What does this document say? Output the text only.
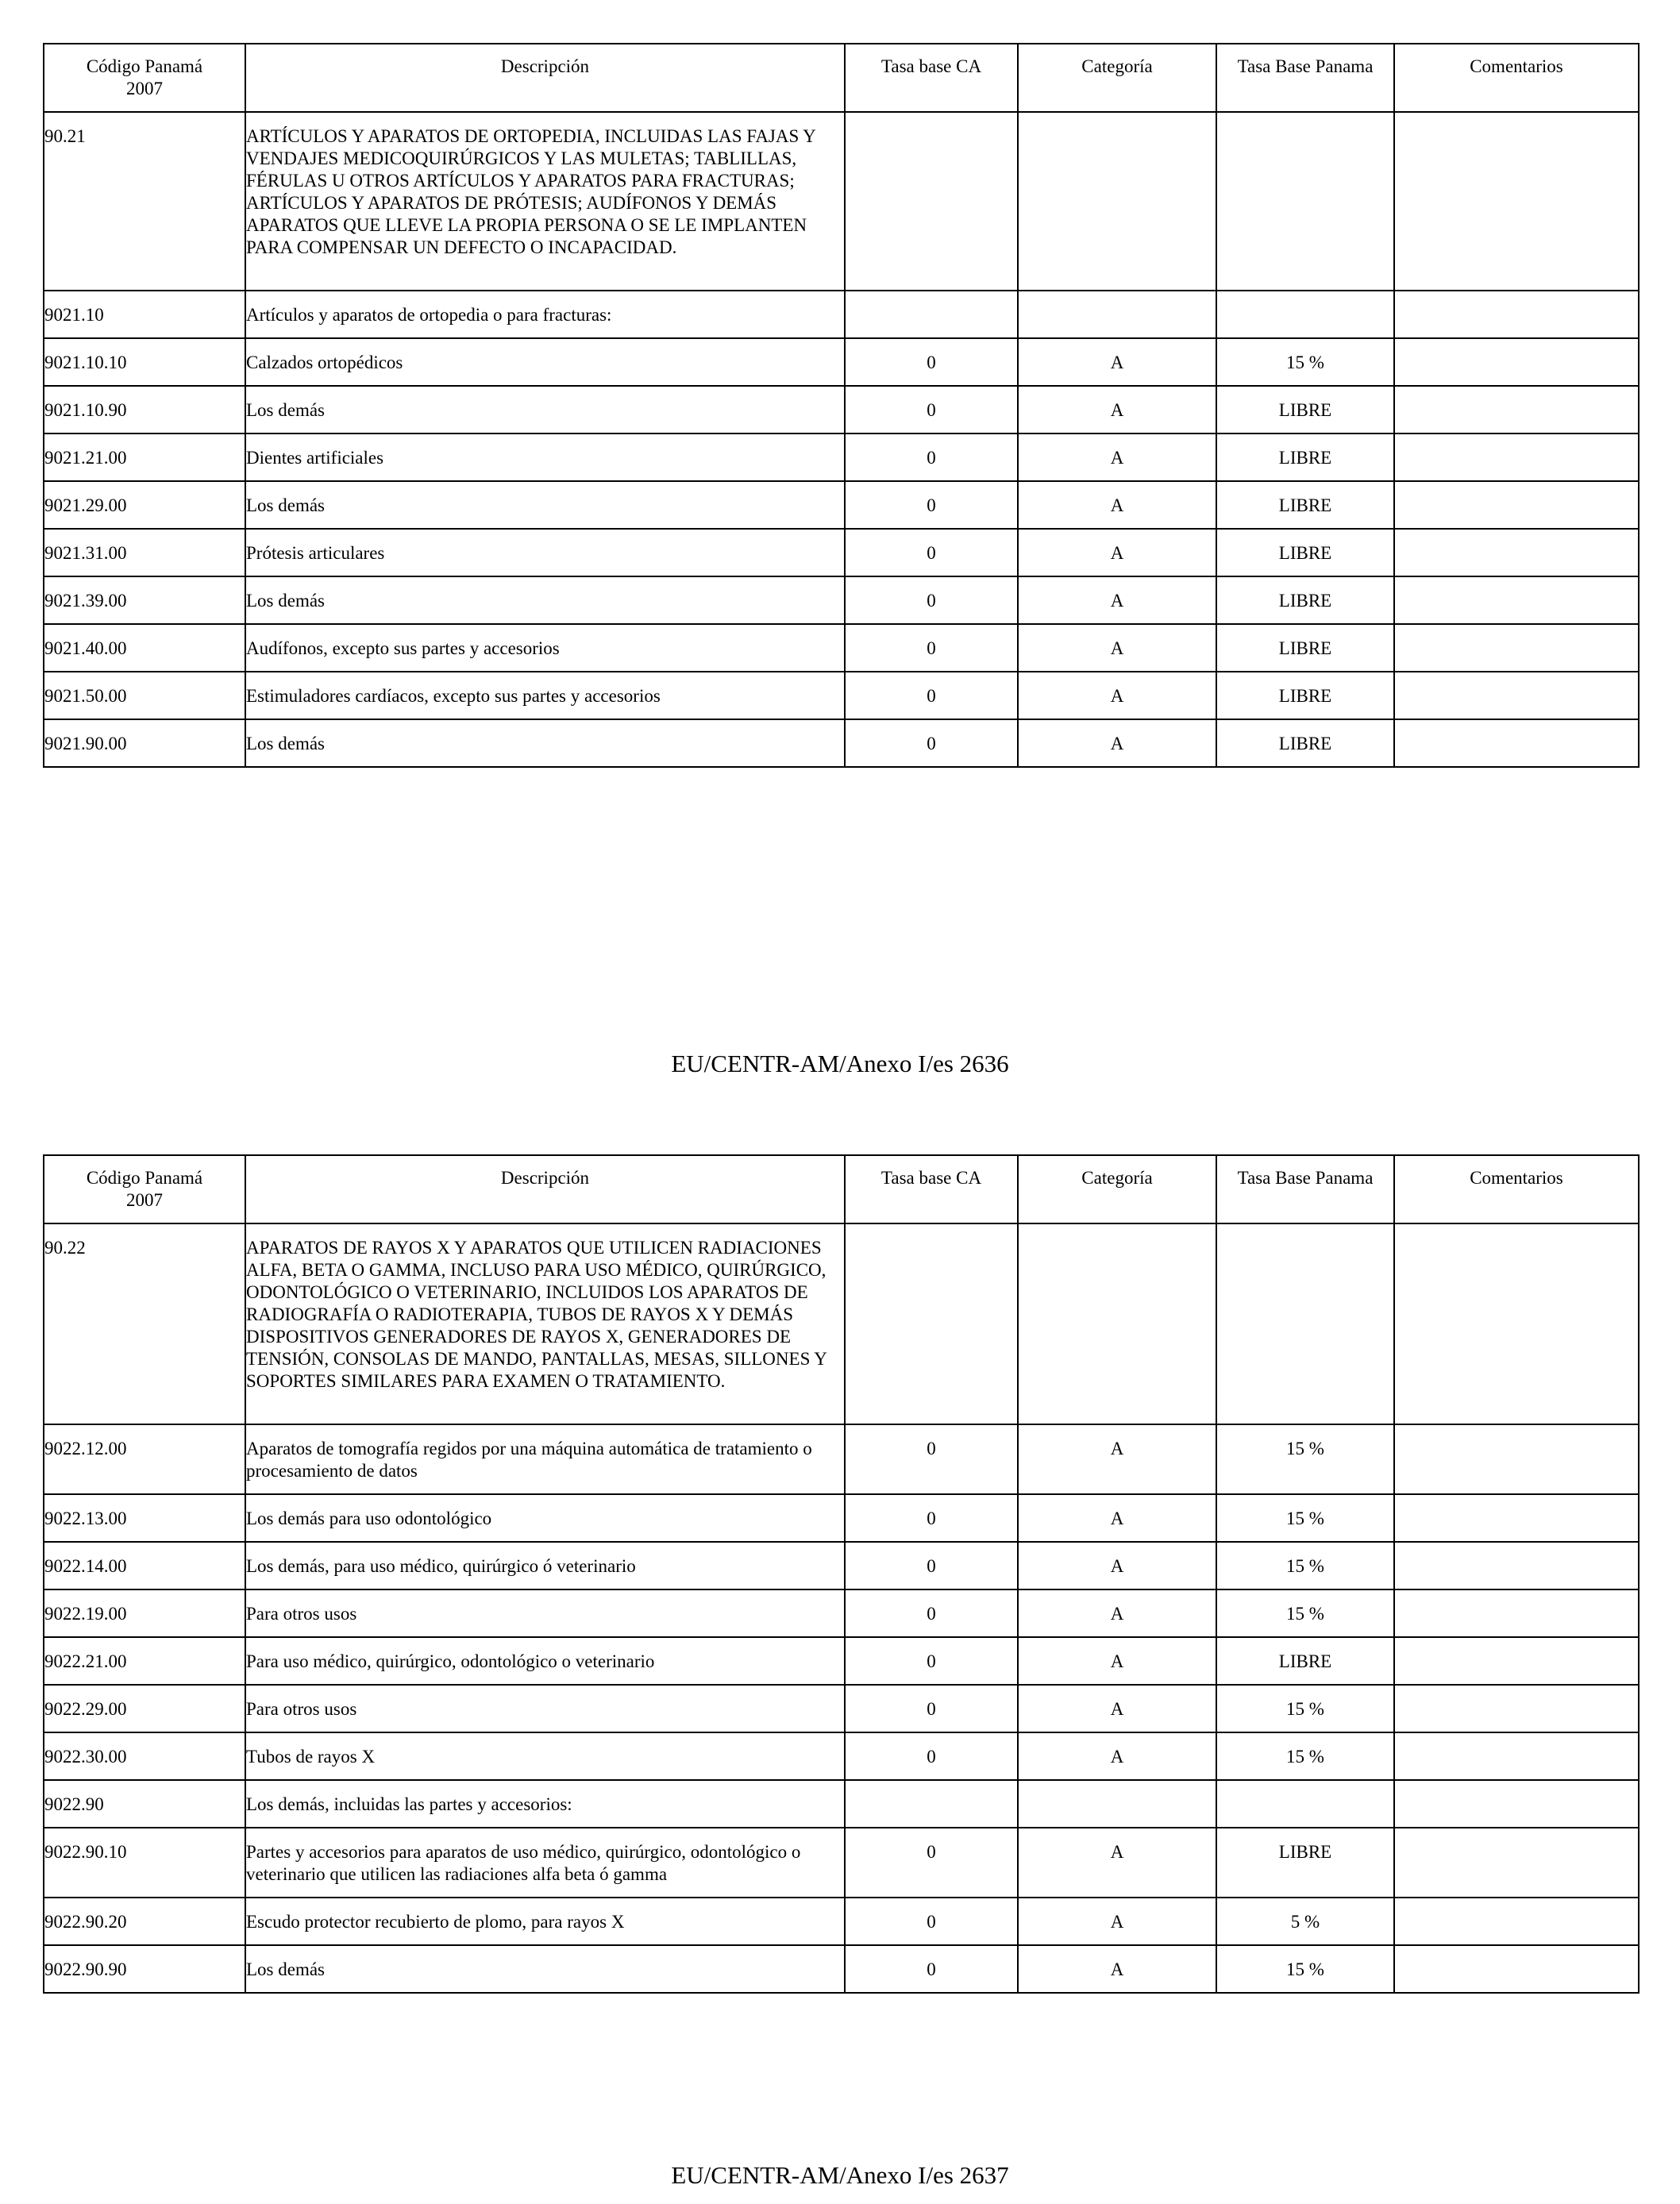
Código Panamá 2007	Descripción	Tasa base CA	Categoría	Tasa Base Panama	Comentarios
90.21	ARTÍCULOS Y APARATOS DE ORTOPEDIA, INCLUIDAS LAS FAJAS Y VENDAJES MEDICOQUIRÚRGICOS Y LAS MULETAS; TABLILLAS, FÉRULAS U OTROS ARTÍCULOS Y APARATOS PARA FRACTURAS; ARTÍCULOS Y APARATOS DE PRÓTESIS; AUDÍFONOS Y DEMÁS APARATOS QUE LLEVE LA PROPIA PERSONA O SE LE IMPLANTEN PARA COMPENSAR UN DEFECTO O INCAPACIDAD.				
9021.10	Artículos y aparatos de ortopedia o para fracturas:				
9021.10.10	Calzados ortopédicos	0	A	15 %	
9021.10.90	Los demás	0	A	LIBRE	
9021.21.00	Dientes artificiales	0	A	LIBRE	
9021.29.00	Los demás	0	A	LIBRE	
9021.31.00	Prótesis articulares	0	A	LIBRE	
9021.39.00	Los demás	0	A	LIBRE	
9021.40.00	Audífonos, excepto sus partes y accesorios	0	A	LIBRE	
9021.50.00	Estimuladores cardíacos, excepto sus partes y accesorios	0	A	LIBRE	
9021.90.00	Los demás	0	A	LIBRE	
EU/CENTR-AM/Anexo I/es 2636
Código Panamá 2007	Descripción	Tasa base CA	Categoría	Tasa Base Panama	Comentarios
90.22	APARATOS DE RAYOS X Y APARATOS QUE UTILICEN RADIACIONES ALFA, BETA O GAMMA, INCLUSO PARA USO MÉDICO, QUIRÚRGICO, ODONTOLÓGICO O VETERINARIO, INCLUIDOS LOS APARATOS DE RADIOGRAFÍA O RADIOTERAPIA, TUBOS DE RAYOS X Y DEMÁS DISPOSITIVOS GENERADORES DE RAYOS X, GENERADORES DE TENSIÓN, CONSOLAS DE MANDO, PANTALLAS, MESAS, SILLONES Y SOPORTES SIMILARES PARA EXAMEN O TRATAMIENTO.				
9022.12.00	Aparatos de tomografía regidos por una máquina automática de tratamiento o procesamiento de datos	0	A	15 %	
9022.13.00	Los demás para uso odontológico	0	A	15 %	
9022.14.00	Los demás, para uso médico, quirúrgico ó veterinario	0	A	15 %	
9022.19.00	Para otros usos	0	A	15 %	
9022.21.00	Para uso médico, quirúrgico, odontológico o veterinario	0	A	LIBRE	
9022.29.00	Para otros usos	0	A	15 %	
9022.30.00	Tubos de rayos X	0	A	15 %	
9022.90	Los demás, incluidas las partes y accesorios:				
9022.90.10	Partes y accesorios para aparatos de uso médico, quirúrgico, odontológico o veterinario que utilicen las radiaciones alfa beta ó gamma	0	A	LIBRE	
9022.90.20	Escudo protector recubierto de plomo, para rayos X	0	A	5 %	
9022.90.90	Los demás	0	A	15 %	
EU/CENTR-AM/Anexo I/es 2637
